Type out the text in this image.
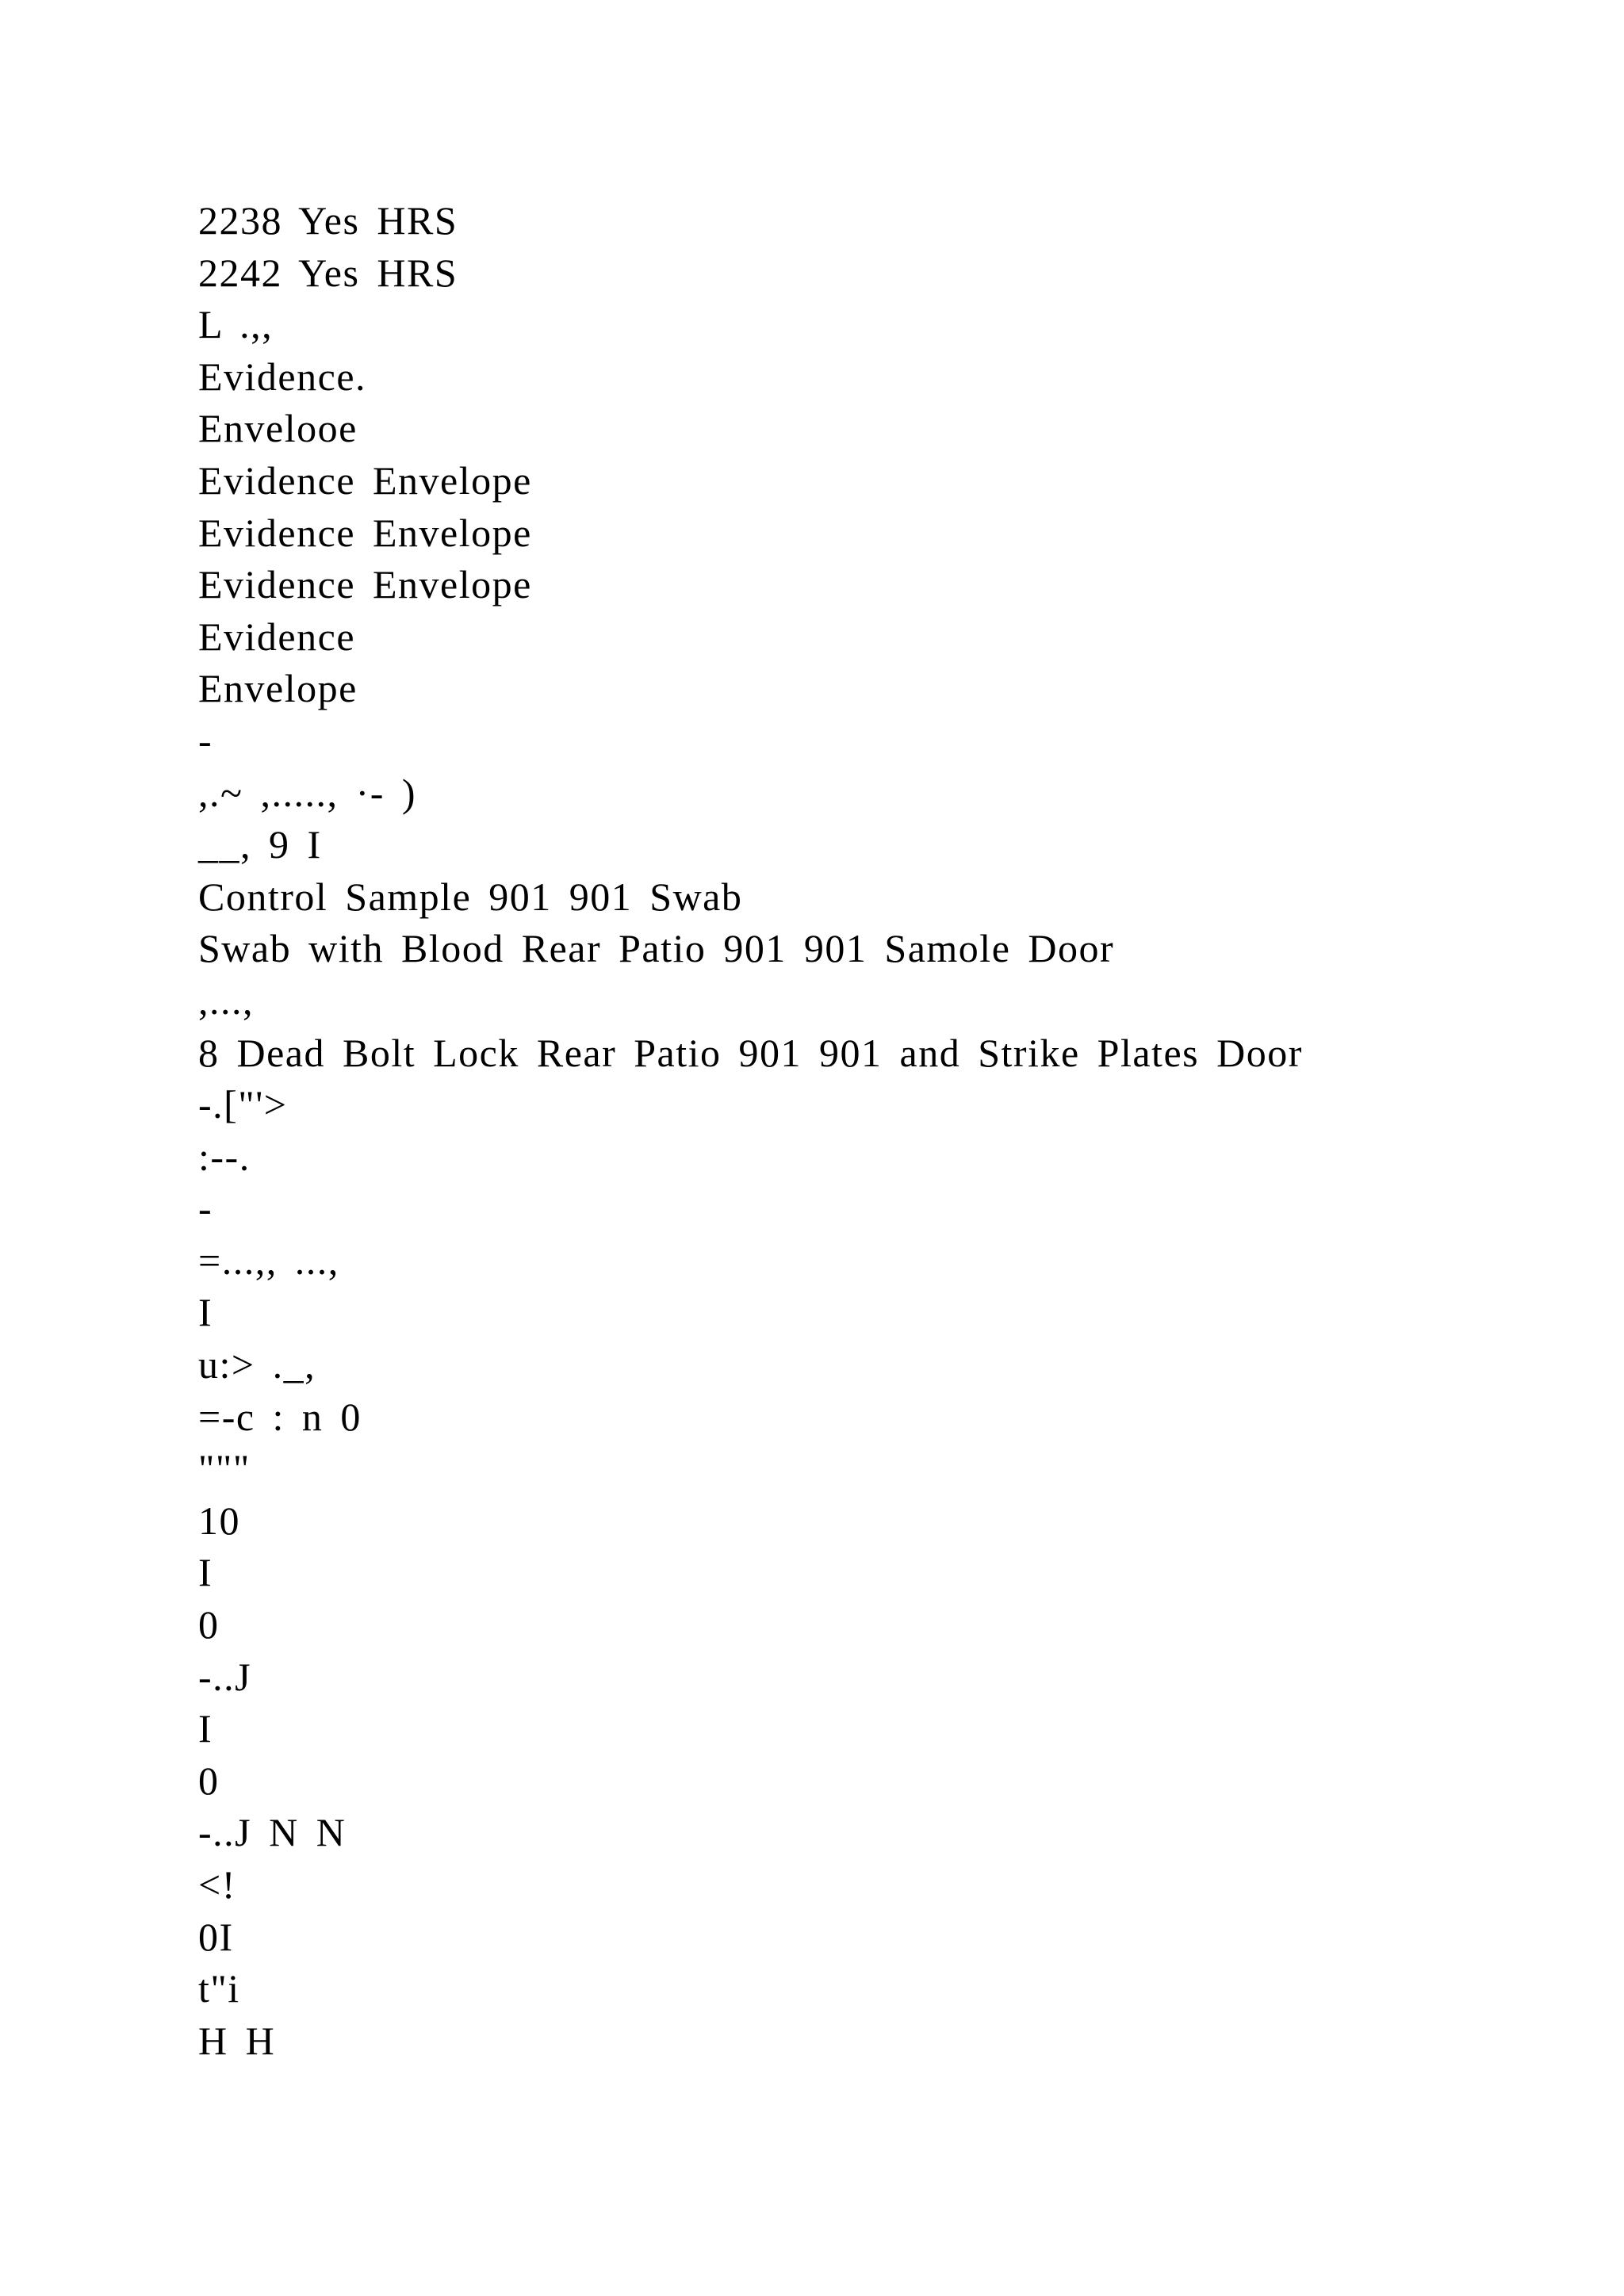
2238 Yes HRS
2242 Yes HRS
L .,,
Evidence.
Envelooe
Evidence Envelope
Evidence Envelope
Evidence Envelope
Evidence
Envelope
-
,.~ ,....., ·- )
__, 9 I
Control Sample 901 901 Swab
Swab with Blood Rear Patio 901 901 Samole Door
,...,
8 Dead Bolt Lock Rear Patio 901 901 and Strike Plates Door
-.["'>
:--.
-
=...,, ...,
I
u:> ._,
=-c : n 0
"""
10
I
0
-..J
I
0
-..J N N
<!
0I
t"i
H H
